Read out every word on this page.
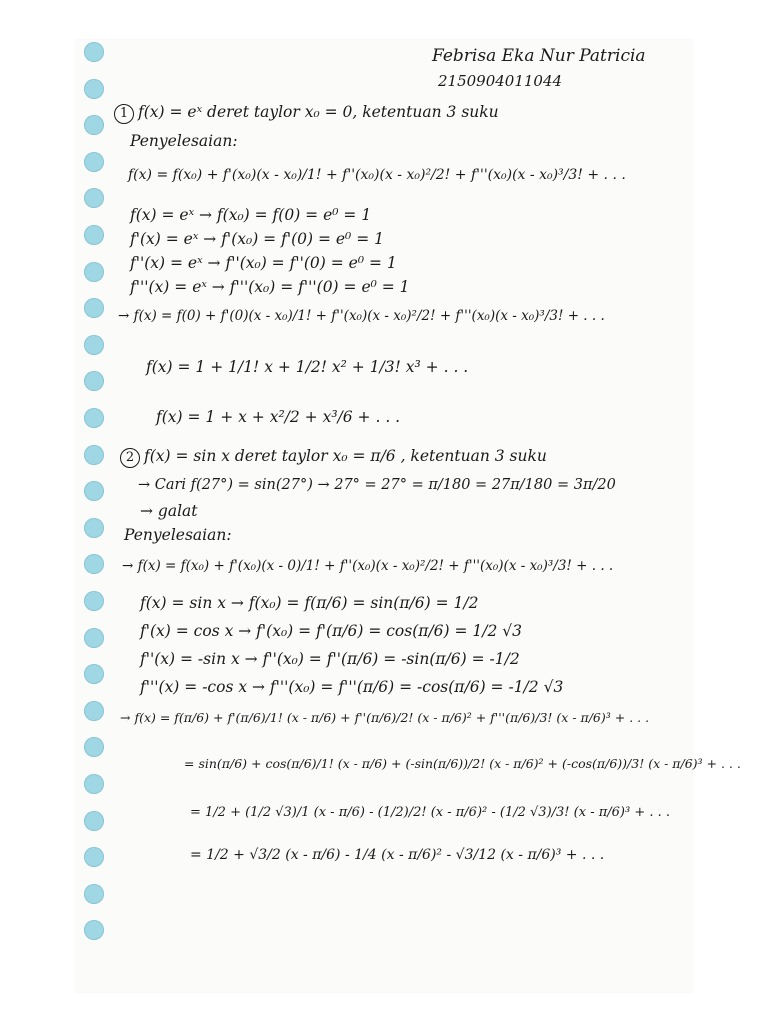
Febrisa Eka Nur Patricia
2150904011044
1 f(x) = eˣ deret taylor x₀ = 0, ketentuan 3 suku
Penyelesaian:
f(x) = f(x₀) + f'(x₀)(x - x₀)/1! + f''(x₀)(x - x₀)²/2! + f'''(x₀)(x - x₀)³/3! + . . .
f(x) = eˣ → f(x₀) = f(0) = e⁰ = 1
f'(x) = eˣ → f'(x₀) = f'(0) = e⁰ = 1
f''(x) = eˣ → f''(x₀) = f''(0) = e⁰ = 1
f'''(x) = eˣ → f'''(x₀) = f'''(0) = e⁰ = 1
→ f(x) = f(0) + f'(0)(x - x₀)/1! + f''(x₀)(x - x₀)²/2! + f'''(x₀)(x - x₀)³/3! + . . .
f(x) = 1 + 1/1! x + 1/2! x² + 1/3! x³ + . . .
f(x) = 1 + x + x²/2 + x³/6 + . . .
2 f(x) = sin x deret taylor x₀ = π/6 , ketentuan 3 suku
→ Cari f(27°) = sin(27°) → 27° = 27° = π/180 = 27π/180 = 3π/20
→ galat
Penyelesaian:
→ f(x) = f(x₀) + f'(x₀)(x - 0)/1! + f''(x₀)(x - x₀)²/2! + f'''(x₀)(x - x₀)³/3! + . . .
f(x) = sin x → f(x₀) = f(π/6) = sin(π/6) = 1/2
f'(x) = cos x → f'(x₀) = f'(π/6) = cos(π/6) = 1/2 √3
f''(x) = -sin x → f''(x₀) = f''(π/6) = -sin(π/6) = -1/2
f'''(x) = -cos x → f'''(x₀) = f'''(π/6) = -cos(π/6) = -1/2 √3
→ f(x) = f(π/6) + f'(π/6)/1! (x - π/6) + f''(π/6)/2! (x - π/6)² + f'''(π/6)/3! (x - π/6)³ + . . .
= sin(π/6) + cos(π/6)/1! (x - π/6) + (-sin(π/6))/2! (x - π/6)² + (-cos(π/6))/3! (x - π/6)³ + . . .
= 1/2 + (1/2 √3)/1 (x - π/6) - (1/2)/2! (x - π/6)² - (1/2 √3)/3! (x - π/6)³ + . . .
= 1/2 + √3/2 (x - π/6) - 1/4 (x - π/6)² - √3/12 (x - π/6)³ + . . .
